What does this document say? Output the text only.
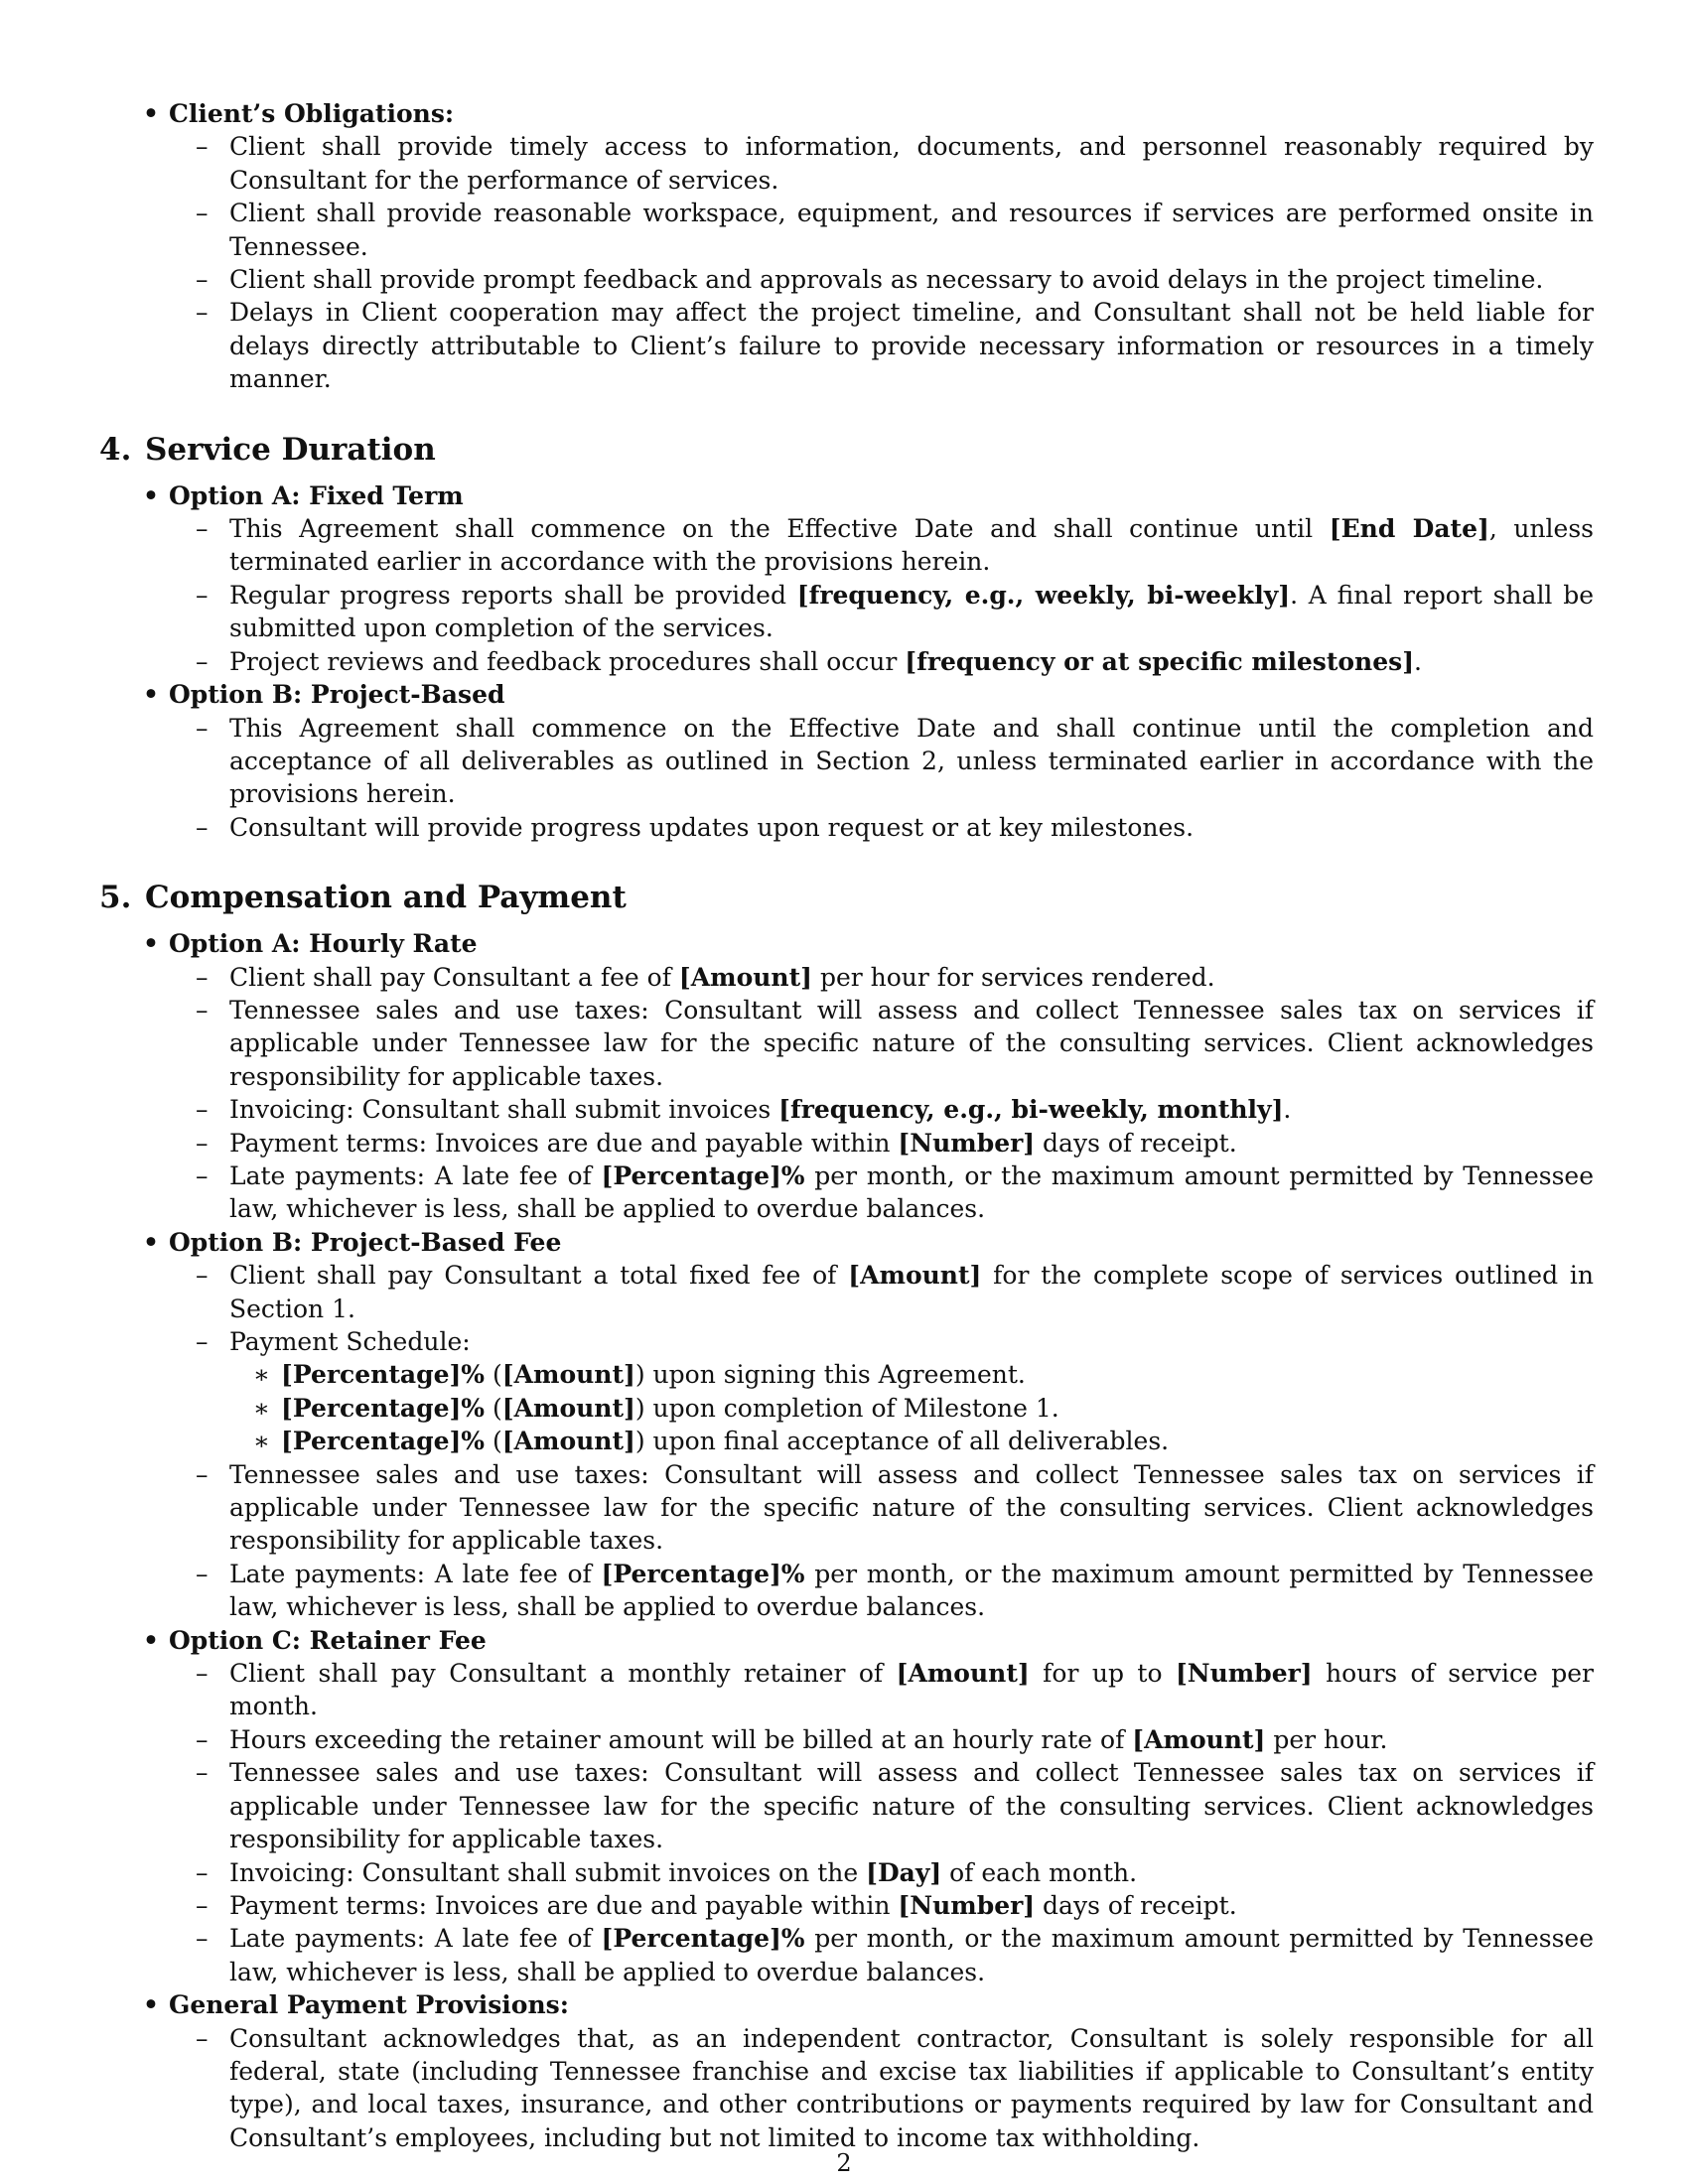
• Client’s Obligations:
– Client shall provide timely access to information, documents, and personnel reasonably required by Consultant for the performance of services.
– Client shall provide reasonable workspace, equipment, and resources if services are performed onsite in Tennessee.
– Client shall provide prompt feedback and approvals as necessary to avoid delays in the project timeline.
– Delays in Client cooperation may affect the project timeline, and Consultant shall not be held liable for delays directly attributable to Client’s failure to provide necessary information or resources in a timely manner.
4. Service Duration
• Option A: Fixed Term
– This Agreement shall commence on the Effective Date and shall continue until [End Date], unless terminated earlier in accordance with the provisions herein.
– Regular progress reports shall be provided [frequency, e.g., weekly, bi-weekly]. A final report shall be submitted upon completion of the services.
– Project reviews and feedback procedures shall occur [frequency or at specific milestones].
• Option B: Project-Based
– This Agreement shall commence on the Effective Date and shall continue until the completion and acceptance of all deliverables as outlined in Section 2, unless terminated earlier in accordance with the provisions herein.
– Consultant will provide progress updates upon request or at key milestones.
5. Compensation and Payment
• Option A: Hourly Rate
– Client shall pay Consultant a fee of [Amount] per hour for services rendered.
– Tennessee sales and use taxes: Consultant will assess and collect Tennessee sales tax on services if applicable under Tennessee law for the specific nature of the consulting services. Client acknowledges responsibility for applicable taxes.
– Invoicing: Consultant shall submit invoices [frequency, e.g., bi-weekly, monthly].
– Payment terms: Invoices are due and payable within [Number] days of receipt.
– Late payments: A late fee of [Percentage]% per month, or the maximum amount permitted by Tennessee law, whichever is less, shall be applied to overdue balances.
• Option B: Project-Based Fee
– Client shall pay Consultant a total fixed fee of [Amount] for the complete scope of services outlined in Section 1.
– Payment Schedule:
∗ [Percentage]% ([Amount]) upon signing this Agreement.
∗ [Percentage]% ([Amount]) upon completion of Milestone 1.
∗ [Percentage]% ([Amount]) upon final acceptance of all deliverables.
– Tennessee sales and use taxes: Consultant will assess and collect Tennessee sales tax on services if applicable under Tennessee law for the specific nature of the consulting services. Client acknowledges responsibility for applicable taxes.
– Late payments: A late fee of [Percentage]% per month, or the maximum amount permitted by Tennessee law, whichever is less, shall be applied to overdue balances.
• Option C: Retainer Fee
– Client shall pay Consultant a monthly retainer of [Amount] for up to [Number] hours of service per month.
– Hours exceeding the retainer amount will be billed at an hourly rate of [Amount] per hour.
– Tennessee sales and use taxes: Consultant will assess and collect Tennessee sales tax on services if applicable under Tennessee law for the specific nature of the consulting services. Client acknowledges responsibility for applicable taxes.
– Invoicing: Consultant shall submit invoices on the [Day] of each month.
– Payment terms: Invoices are due and payable within [Number] days of receipt.
– Late payments: A late fee of [Percentage]% per month, or the maximum amount permitted by Tennessee law, whichever is less, shall be applied to overdue balances.
• General Payment Provisions:
– Consultant acknowledges that, as an independent contractor, Consultant is solely responsible for all federal, state (including Tennessee franchise and excise tax liabilities if applicable to Consultant’s entity type), and local taxes, insurance, and other contributions or payments required by law for Consultant and Consultant’s employees, including but not limited to income tax withholding.
2
